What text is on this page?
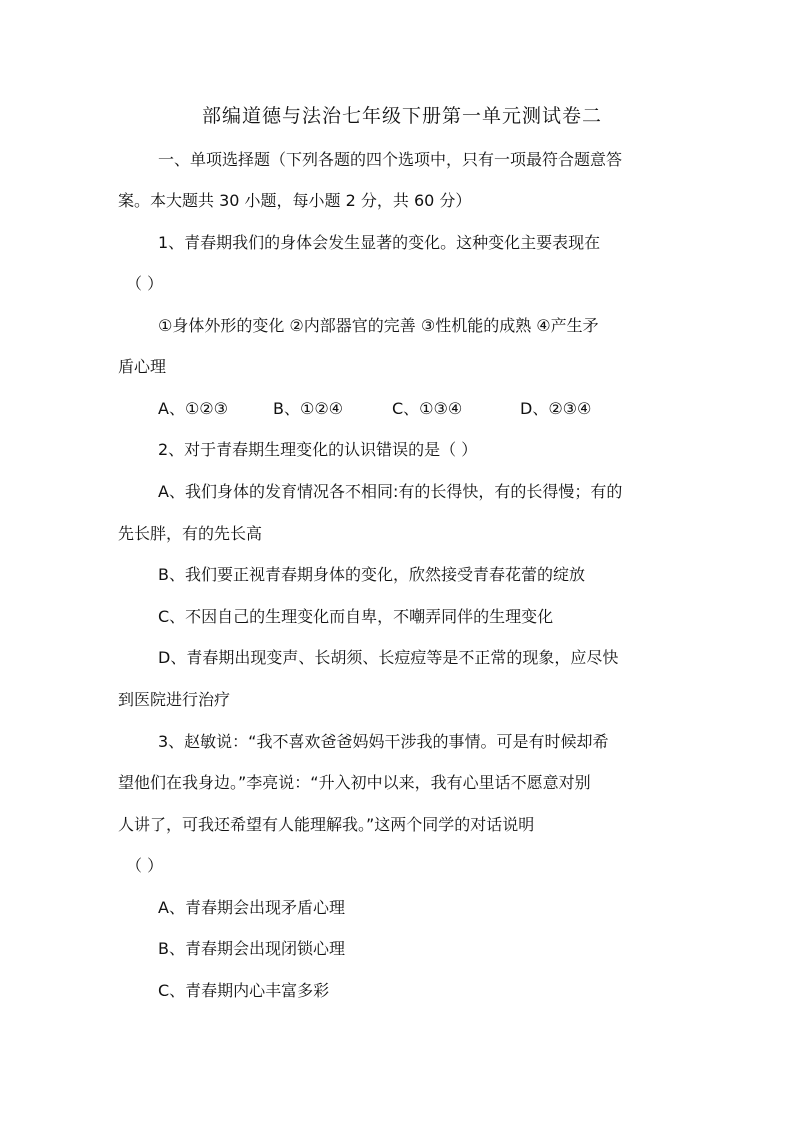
部编道德与法治七年级下册第一单元测试卷二
一、单项选择题（下列各题的四个选项中，只有一项最符合题意答
案。本大题共 30 小题，每小题 2 分，共 60 分）
1、青春期我们的身体会发生显著的变化。这种变化主要表现在
（ ）
①身体外形的变化 ②内部器官的完善 ③性机能的成熟 ④产生矛
盾心理
A、①②③	B、①②④	C、①③④	D、②③④
2、对于青春期生理变化的认识错误的是（ ）
A、我们身体的发育情况各不相同:有的长得快，有的长得慢；有的
先长胖，有的先长高
B、我们要正视青春期身体的变化，欣然接受青春花蕾的绽放
C、不因自己的生理变化而自卑，不嘲弄同伴的生理变化
D、青春期出现变声、长胡须、长痘痘等是不正常的现象，应尽快
到医院进行治疗
3、赵敏说：“我不喜欢爸爸妈妈干涉我的事情。可是有时候却希
望他们在我身边。”李亮说：“升入初中以来，我有心里话不愿意对别
人讲了，可我还希望有人能理解我。”这两个同学的对话说明
（ ）
A、青春期会出现矛盾心理
B、青春期会出现闭锁心理
C、青春期内心丰富多彩
